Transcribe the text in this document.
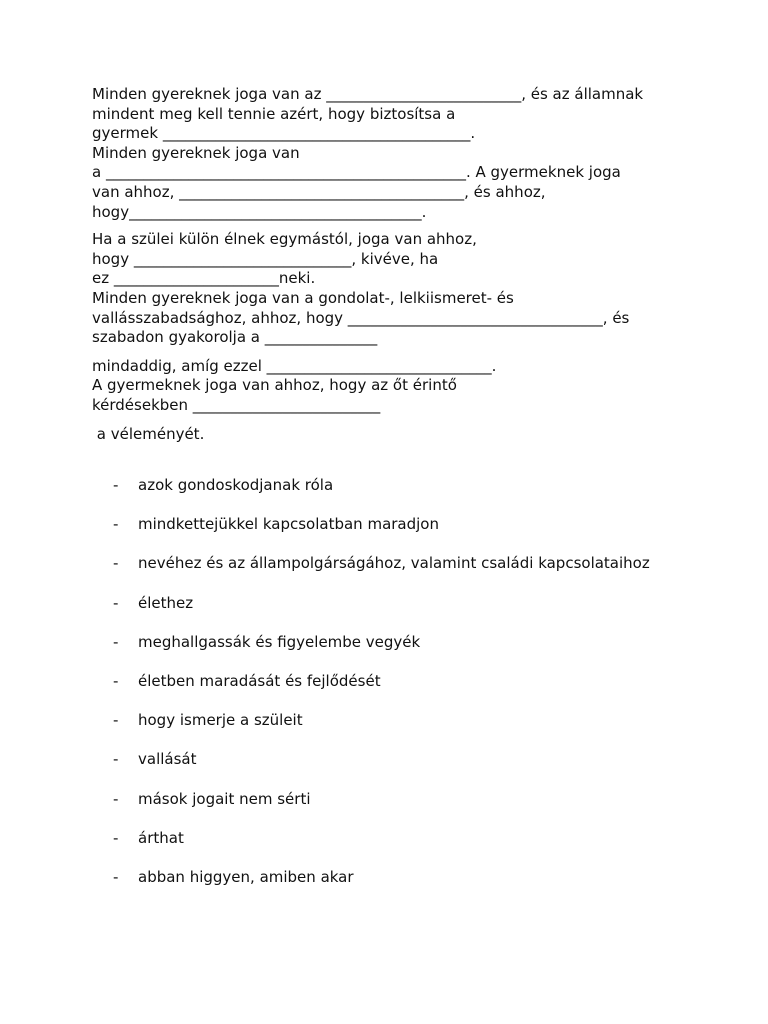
Minden gyereknek joga van az __________________________, és az államnak

mindent meg kell tennie azért, hogy biztosítsa a

gyermek _________________________________________.

Minden gyereknek joga van

a ________________________________________________. A gyermeknek joga

van ahhoz, ______________________________________, és ahhoz,

hogy_______________________________________.

Ha a szülei külön élnek egymástól, joga van ahhoz,

hogy _____________________________, kivéve, ha

ez ______________________neki.

Minden gyereknek joga van a gondolat-, lelkiismeret- és

vallásszabadsághoz, ahhoz, hogy __________________________________, és

szabadon gyakorolja a _______________

mindaddig, amíg ezzel ______________________________.

A gyermeknek joga van ahhoz, hogy az őt érintő

kérdésekben _________________________

a véleményét.

-	azok gondoskodjanak róla
-	mindkettejükkel kapcsolatban maradjon
-	nevéhez és az állampolgárságához, valamint családi kapcsolataihoz
-	élethez
-	meghallgassák és figyelembe vegyék
-	életben maradását és fejlődését
-	hogy ismerje a szüleit
-	vallását
-	mások jogait nem sérti
-	árthat
-	abban higgyen, amiben akar
